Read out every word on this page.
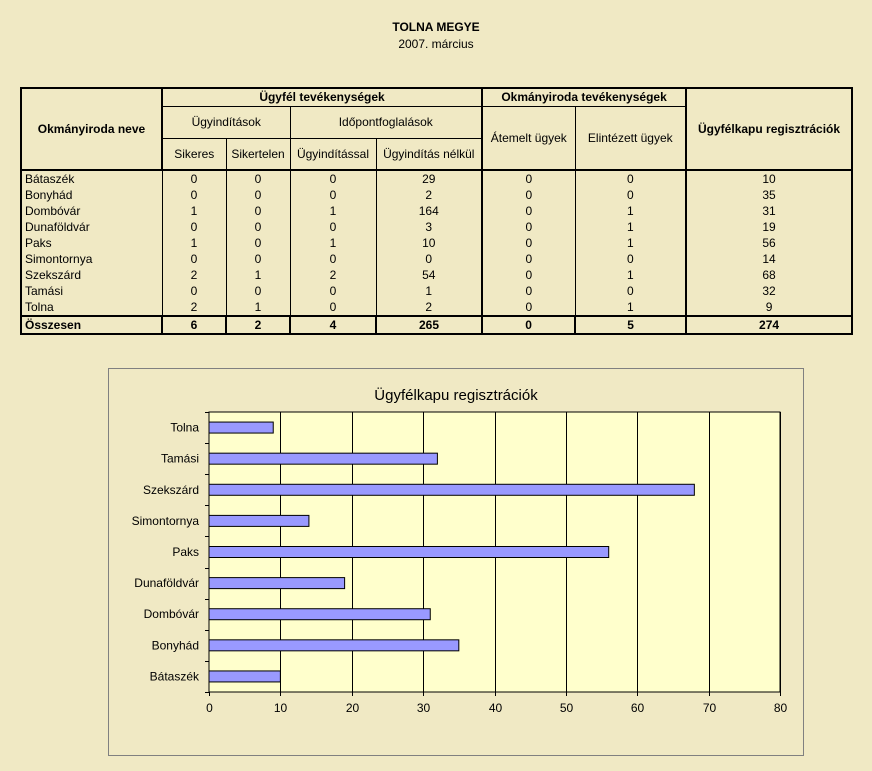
TOLNA MEGYE
2007. március
Okmányiroda neve	Ügyfél tevékenységek				Okmányiroda tevékenységek		Ügyfélkapu regisztrációk
	Ügyindítások		Időpontfoglalások		Átemelt ügyek	Elintézett ügyek	
	Sikeres	Sikertelen	Ügyindítással	Ügyindítás nélkül			
Bátaszék	0	0	0	29	0	0	10
Bonyhád	0	0	0	2	0	0	35
Dombóvár	1	0	1	164	0	1	31
Dunaföldvár	0	0	0	3	0	1	19
Paks	1	0	1	10	0	1	56
Simontornya	0	0	0	0	0	0	14
Szekszárd	2	1	2	54	0	1	68
Tamási	0	0	0	1	0	0	32
Tolna	2	1	0	2	0	1	9
Összesen	6	2	4	265	0	5	274
Ügyfélkapu regisztrációk
0	10	20	30	40	50	60	70	80
Bátaszék
Bonyhád
Dombóvár
Dunaföldvár
Paks
Simontornya
Szekszárd
Tamási
Tolna
